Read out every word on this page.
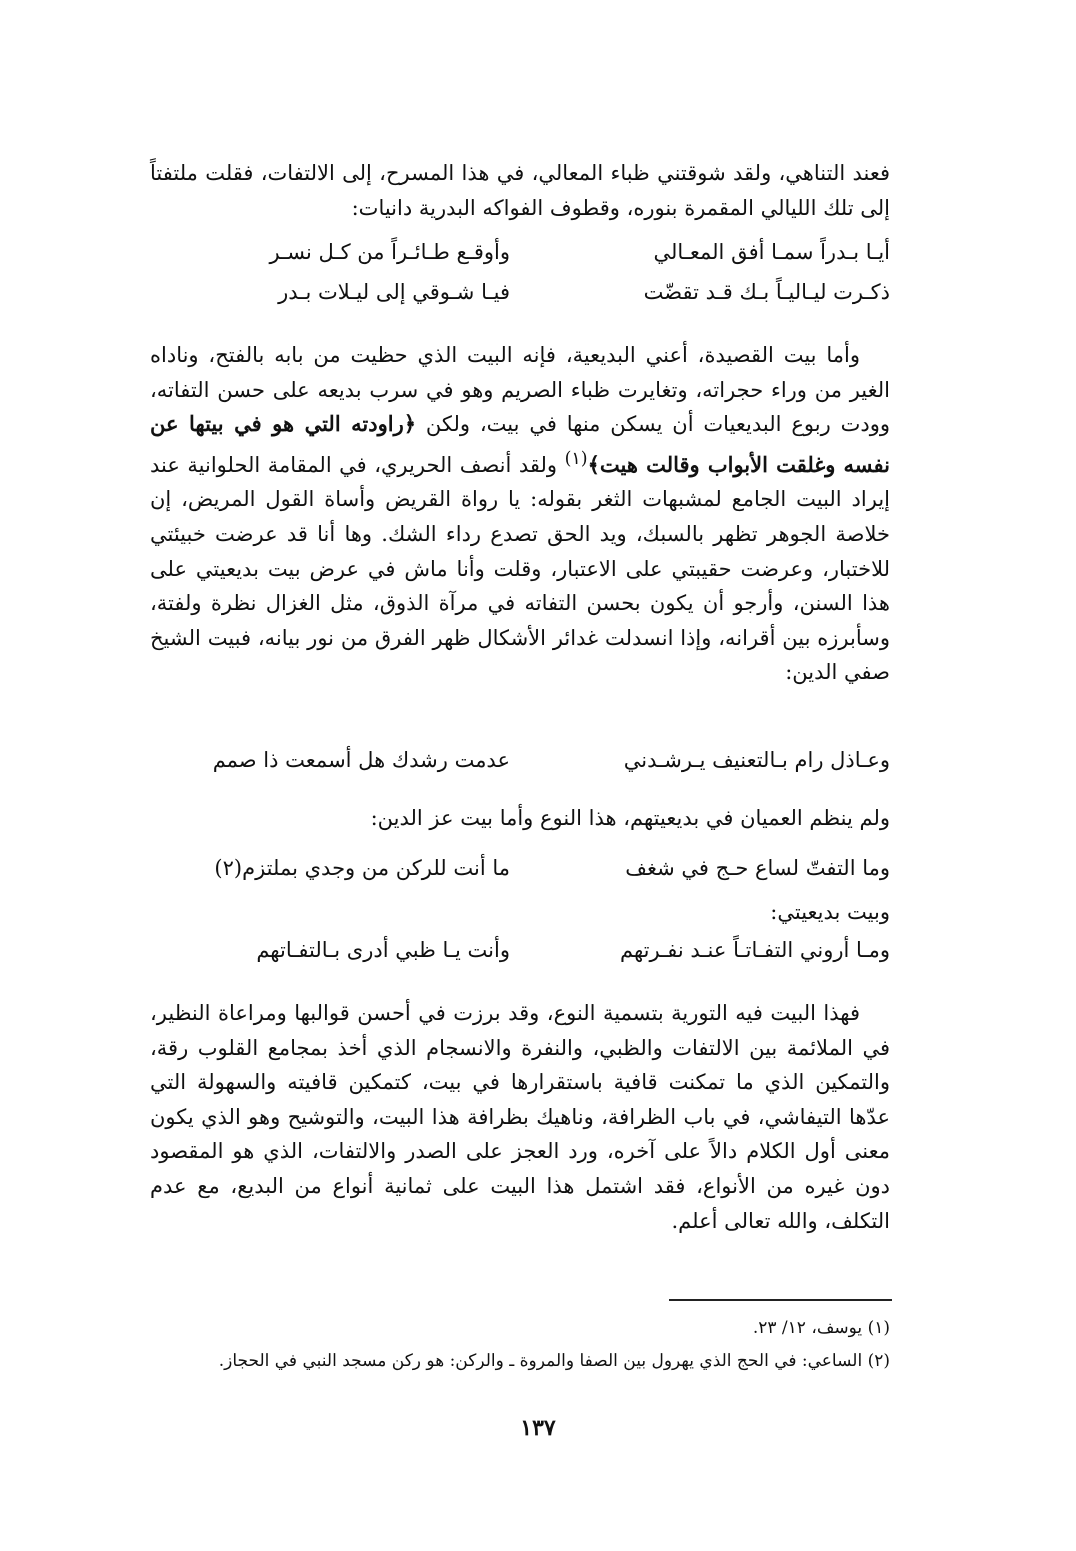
فعند التناهي، ولقد شوقتني ظباء المعالي، في هذا المسرح، إلى الالتفات، فقلت ملتفتاً إلى تلك الليالي المقمرة بنوره، وقطوف الفواكه البدرية دانيات:
أيـا بـدراً سمـا أفق المعـالي
وأوقـع طـائـراً من كـل نسـر
ذكـرت ليـاليـاً بـك قـد تقضّت
فيـا شـوقي إلى ليـلات بـدر
وأما بيت القصيدة، أعني البديعية، فإنه البيت الذي حظيت من بابه بالفتح، وناداه الغير من وراء حجراته، وتغايرت ظباء الصريم وهو في سرب بديعه على حسن التفاته، وودت ربوع البديعيات أن يسكن منها في بيت، ولكن ﴿راودته التي هو في بيتها عن نفسه وغلقت الأبواب وقالت هيت﴾$^{(١)}$ ولقد أنصف الحريري، في المقامة الحلوانية عند إيراد البيت الجامع لمشبهات الثغر بقوله: يا رواة القريض وأساة القول المريض، إن خلاصة الجوهر تظهر بالسبك، ويد الحق تصدع رداء الشك. وها أنا قد عرضت خبيئتي للاختبار، وعرضت حقيبتي على الاعتبار، وقلت وأنا ماش في عرض بيت بديعيتي على هذا السنن، وأرجو أن يكون بحسن التفاته في مرآة الذوق، مثل الغزال نظرة ولفتة، وسأبرزه بين أقرانه، وإذا انسدلت غدائر الأشكال ظهر الفرق من نور بيانه، فبيت الشيخ صفي الدين:
وعـاذل رام بـالتعنيف يـرشـدني
عدمت رشدك هل أسمعت ذا صمم
ولم ينظم العميان في بديعيتهم، هذا النوع وأما بيت عز الدين:
وما التفتّ لساع حـج في شغف
ما أنت للركن من وجدي بملتزم(٢)
وبيت بديعيتي:
ومـا أروني التفـاتـاً عنـد نفـرتهم
وأنت يـا ظبي أدرى بـالتفـاتهم
فهذا البيت فيه التورية بتسمية النوع، وقد برزت في أحسن قوالبها ومراعاة النظير، في الملائمة بين الالتفات والظبي، والنفرة والانسجام الذي أخذ بمجامع القلوب رقة، والتمكين الذي ما تمكنت قافية باستقرارها في بيت، كتمكين قافيته والسهولة التي عدّها التيفاشي، في باب الظرافة، وناهيك بظرافة هذا البيت، والتوشيح وهو الذي يكون معنى أول الكلام دالاً على آخره، ورد العجز على الصدر والالتفات، الذي هو المقصود دون غيره من الأنواع، فقد اشتمل هذا البيت على ثمانية أنواع من البديع، مع عدم التكلف، والله تعالى أعلم.
(١) يوسف، ١٢/ ٢٣.
(٢) الساعي: في الحج الذي يهرول بين الصفا والمروة ـ والركن: هو ركن مسجد النبي في الحجاز.
١٣٧
